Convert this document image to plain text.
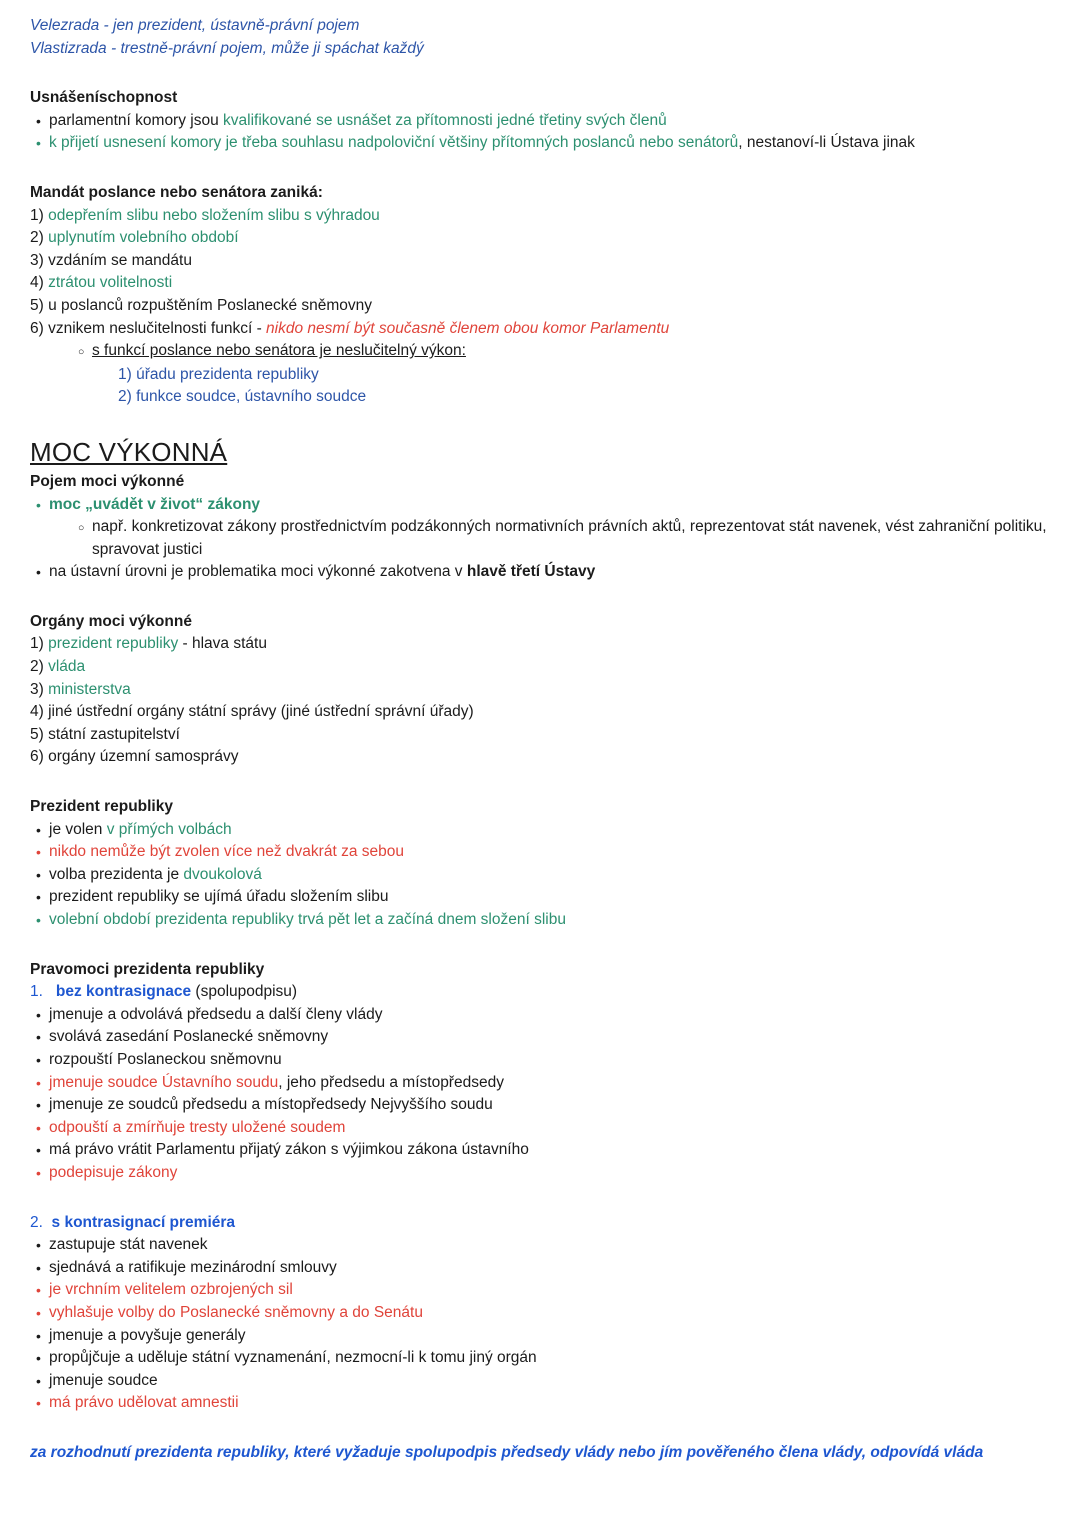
Velezrada - jen prezident, ústavně-právní pojem
Vlastizrada - trestně-právní pojem, může ji spáchat každý
Usnášeníschopnost
• parlamentní komory jsou kvalifikované se usnášet za přítomnosti jedné třetiny svých členů
• k přijetí usnesení komory je třeba souhlasu nadpoloviční většiny přítomných poslanců nebo senátorů, nestanoví-li Ústava jinak
Mandát poslance nebo senátora zaniká:
1) odepřením slibu nebo složením slibu s výhradou
2) uplynutím volebního období
3) vzdáním se mandátu
4) ztrátou volitelnosti
5) u poslanců rozpuštěním Poslanecké sněmovny
6) vznikem neslučitelnosti funkcí - nikdo nesmí být současně členem obou komor Parlamentu
○ s funkcí poslance nebo senátora je neslučitelný výkon:
1) úřadu prezidenta republiky
2) funkce soudce, ústavního soudce
MOC VÝKONNÁ
Pojem moci výkonné
• moc „uvádět v život“ zákony
○ např. konkretizovat zákony prostřednictvím podzákonných normativních právních aktů, reprezentovat stát navenek, vést zahraniční politiku, spravovat justici
• na ústavní úrovni je problematika moci výkonné zakotvena v hlavě třetí Ústavy
Orgány moci výkonné
1) prezident republiky - hlava státu
2) vláda
3) ministerstva
4) jiné ústřední orgány státní správy (jiné ústřední správní úřady)
5) státní zastupitelství
6) orgány územní samosprávy
Prezident republiky
• je volen v přímých volbách
• nikdo nemůže být zvolen více než dvakrát za sebou
• volba prezidenta je dvoukolová
• prezident republiky se ujímá úřadu složením slibu
• volební období prezidenta republiky trvá pět let a začíná dnem složení slibu
Pravomoci prezidenta republiky
1.   bez kontrasignace (spolupodpisu)
• jmenuje a odvolává předsedu a další členy vlády
• svolává zasedání Poslanecké sněmovny
• rozpouští Poslaneckou sněmovnu
• jmenuje soudce Ústavního soudu, jeho předsedu a místopředsedy
• jmenuje ze soudců předsedu a místopředsedy Nejvyššího soudu
• odpouští a zmírňuje tresty uložené soudem
• má právo vrátit Parlamentu přijatý zákon s výjimkou zákona ústavního
• podepisuje zákony
2.  s kontrasignací premiéra
• zastupuje stát navenek
• sjednává a ratifikuje mezinárodní smlouvy
• je vrchním velitelem ozbrojených sil
• vyhlašuje volby do Poslanecké sněmovny a do Senátu
• jmenuje a povyšuje generály
• propůjčuje a uděluje státní vyznamenání, nezmocní-li k tomu jiný orgán
• jmenuje soudce
• má právo udělovat amnestii
za rozhodnutí prezidenta republiky, které vyžaduje spolupodpis předsedy vlády nebo jím pověřeného člena vlády, odpovídá vláda
